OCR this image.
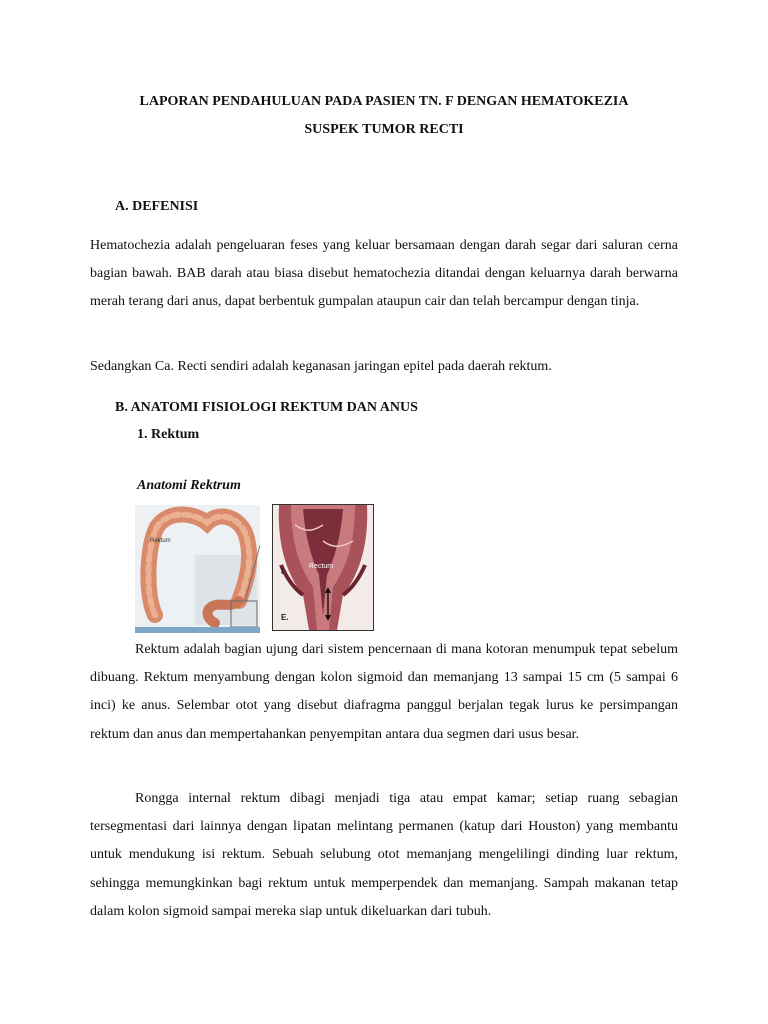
LAPORAN PENDAHULUAN PADA PASIEN TN. F DENGAN HEMATOKEZIA
SUSPEK TUMOR RECTI
A. DEFENISI
Hematochezia adalah pengeluaran feses yang keluar bersamaan dengan darah segar dari saluran cerna bagian bawah. BAB darah atau biasa disebut hematochezia ditandai dengan keluarnya darah berwarna merah terang dari anus, dapat berbentuk gumpalan ataupun cair dan telah bercampur dengan tinja.
Sedangkan Ca. Recti sendiri adalah keganasan jaringan epitel pada daerah rektum.
B. ANATOMI FISIOLOGI REKTUM DAN ANUS
1. Rektum
Anatomi Rektrum
Rektum
Rectum
I.
E.
Rektum adalah bagian ujung dari sistem pencernaan di mana kotoran menumpuk tepat sebelum dibuang. Rektum menyambung dengan kolon sigmoid dan memanjang 13 sampai 15 cm (5 sampai 6 inci) ke anus. Selembar otot yang disebut diafragma panggul berjalan tegak lurus ke persimpangan rektum dan anus dan mempertahankan penyempitan antara dua segmen dari usus besar.
Rongga internal rektum dibagi menjadi tiga atau empat kamar; setiap ruang sebagian tersegmentasi dari lainnya dengan lipatan melintang permanen (katup dari Houston) yang membantu untuk mendukung isi rektum. Sebuah selubung otot memanjang mengelilingi dinding luar rektum, sehingga memungkinkan bagi rektum untuk memperpendek dan memanjang. Sampah makanan tetap dalam kolon sigmoid sampai mereka siap untuk dikeluarkan dari tubuh.
